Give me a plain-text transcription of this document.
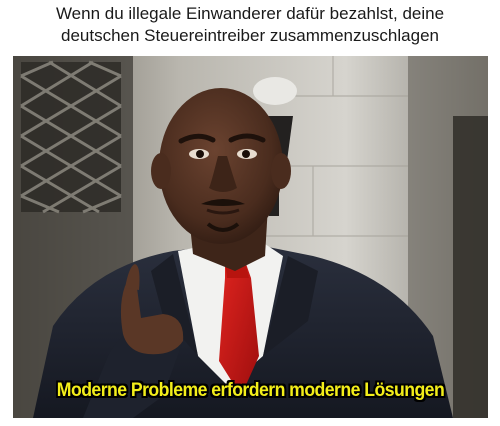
Wenn du illegale Einwanderer dafür bezahlst, deine
deutschen Steuereintreiber zusammenzuschlagen
Moderne Probleme erfordern moderne Lösungen
